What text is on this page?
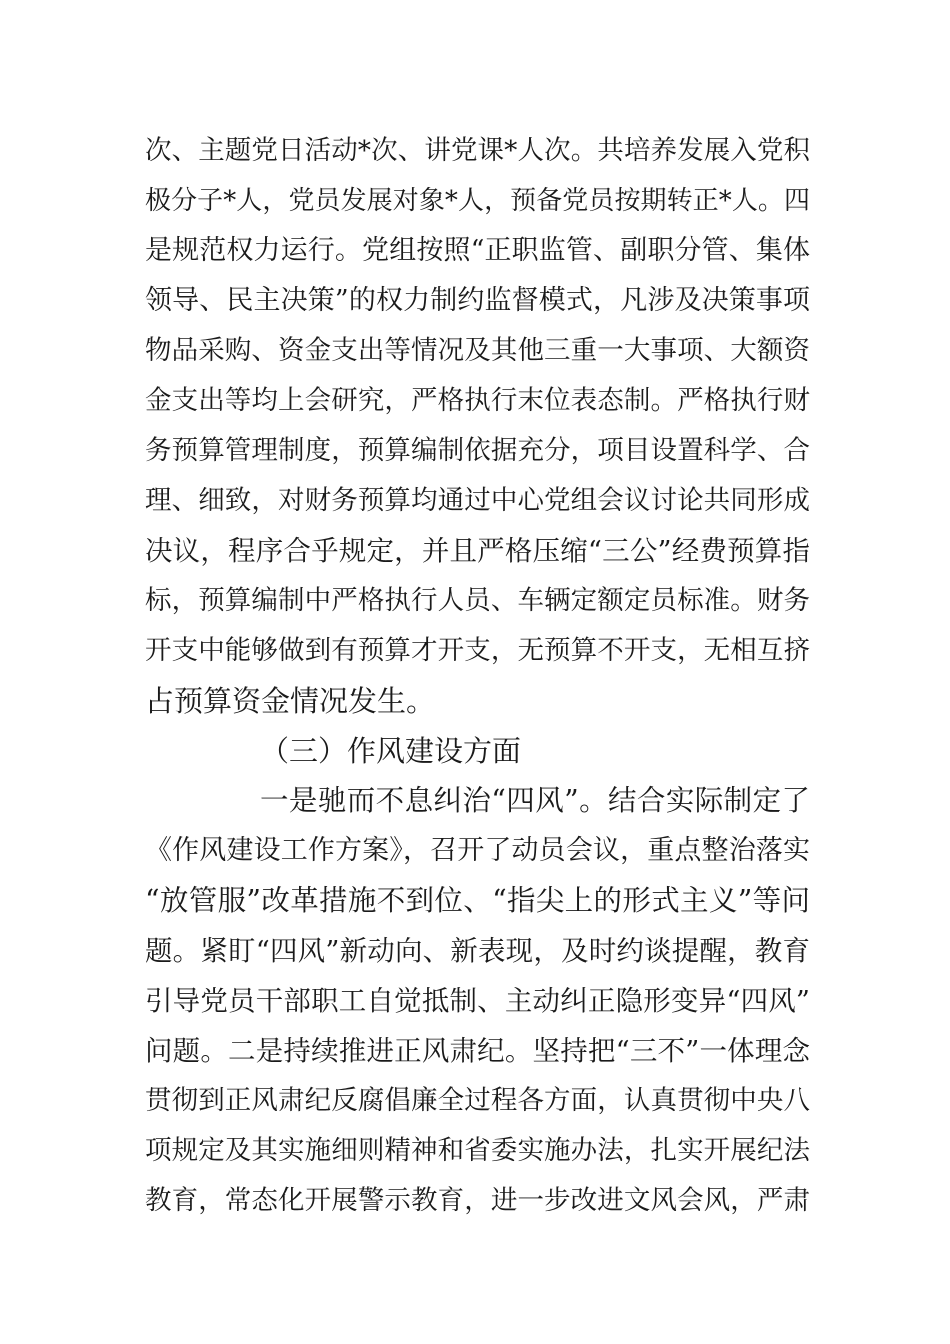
次、主题党日活动*次、讲党课*人次。共培养发展入党积
极分子*人，党员发展对象*人，预备党员按期转正*人。四
是规范权力运行。党组按照“正职监管、副职分管、集体
领导、民主决策”的权力制约监督模式，凡涉及决策事项
物品采购、资金支出等情况及其他三重一大事项、大额资
金支出等均上会研究，严格执行末位表态制。严格执行财
务预算管理制度，预算编制依据充分，项目设置科学、合
理、细致，对财务预算均通过中心党组会议讨论共同形成
决议，程序合乎规定，并且严格压缩“三公”经费预算指
标，预算编制中严格执行人员、车辆定额定员标准。财务
开支中能够做到有预算才开支，无预算不开支，无相互挤
占预算资金情况发生。
（三）作风建设方面
一是驰而不息纠治“四风”。结合实际制定了
《作风建设工作方案》，召开了动员会议，重点整治落实
“放管服”改革措施不到位、“指尖上的形式主义”等问
题。紧盯“四风”新动向、新表现，及时约谈提醒，教育
引导党员干部职工自觉抵制、主动纠正隐形变异“四风”
问题。二是持续推进正风肃纪。坚持把“三不”一体理念
贯彻到正风肃纪反腐倡廉全过程各方面，认真贯彻中央八
项规定及其实施细则精神和省委实施办法，扎实开展纪法
教育，常态化开展警示教育，进一步改进文风会风，严肃
